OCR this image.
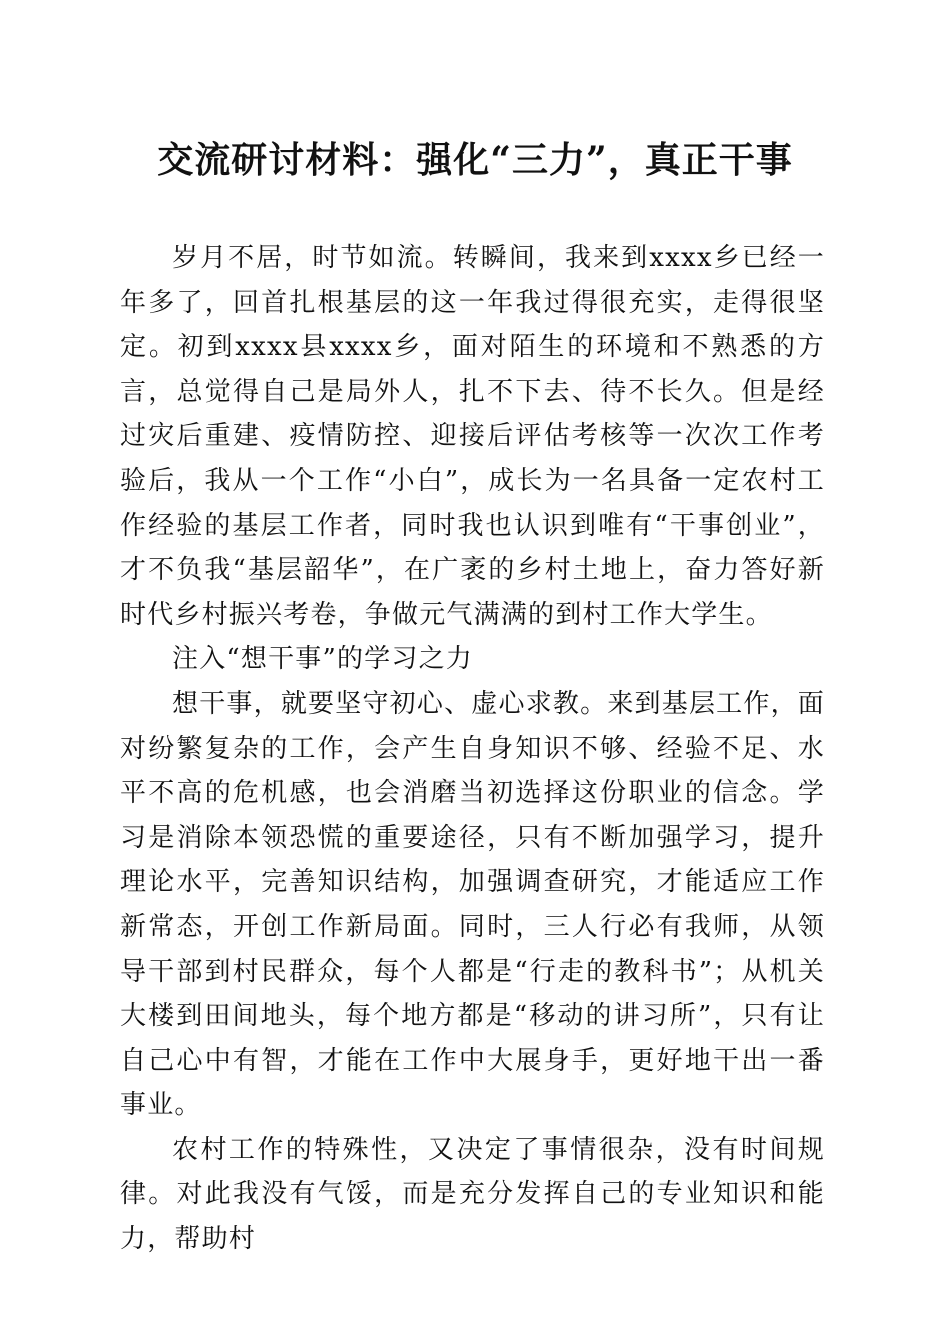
交流研讨材料：强化“三力”，真正干事

岁月不居，时节如流。转瞬间，我来到xxxx乡已经一年多了，回首扎根基层的这一年我过得很充实，走得很坚定。初到xxxx县xxxx乡，面对陌生的环境和不熟悉的方言，总觉得自己是局外人，扎不下去、待不长久。但是经过灾后重建、疫情防控、迎接后评估考核等一次次工作考验后，我从一个工作“小白”，成长为一名具备一定农村工作经验的基层工作者，同时我也认识到唯有“干事创业”，才不负我“基层韶华”，在广袤的乡村土地上，奋力答好新时代乡村振兴考卷，争做元气满满的到村工作大学生。

注入“想干事”的学习之力

想干事，就要坚守初心、虚心求教。来到基层工作，面对纷繁复杂的工作，会产生自身知识不够、经验不足、水平不高的危机感，也会消磨当初选择这份职业的信念。学习是消除本领恐慌的重要途径，只有不断加强学习，提升理论水平，完善知识结构，加强调查研究，才能适应工作新常态，开创工作新局面。同时，三人行必有我师，从领导干部到村民群众，每个人都是“行走的教科书”；从机关大楼到田间地头，每个地方都是“移动的讲习所”，只有让自己心中有智，才能在工作中大展身手，更好地干出一番事业。

农村工作的特殊性，又决定了事情很杂，没有时间规律。对此我没有气馁，而是充分发挥自己的专业知识和能力，帮助村
